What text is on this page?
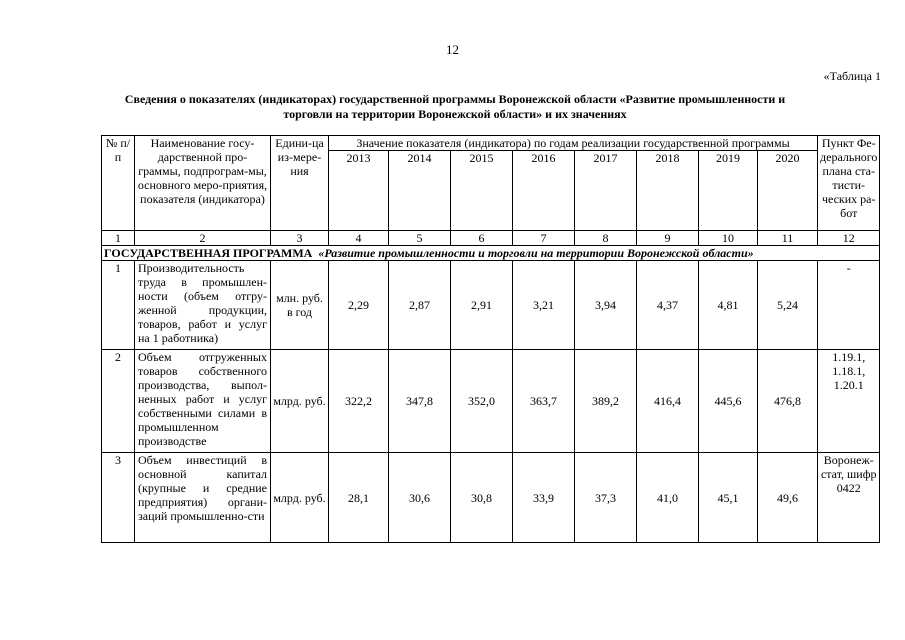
12
«Таблица 1
Сведения о показателях (индикаторах) государственной программы Воронежской области «Развитие промышленности и торговли на территории Воронежской области» и их значениях
№ п/п	Наименование госу-дарственной про-граммы, подпрограм-мы, основного меро-приятия, показателя (индикатора)	Едини-ца из-мере-ния	Значение показателя (индикатора) по годам реализации государственной программы								Пункт Фе-дерального плана ста-тисти-ческих ра-бот
			2013	2014	2015	2016	2017	2018	2019	2020	
1	2	3	4	5	6	7	8	9	10	11	12
ГОСУДАРСТВЕННАЯ ПРОГРАММА «Развитие промышленности и торговли на территории Воронежской области»											
1	Производительность труда в промышлен-ности (объем отгру-женной продукции, товаров, работ и услуг на 1 работника)	млн. руб. в год	2,29	2,87	2,91	3,21	3,94	4,37	4,81	5,24	-
2	Объем отгруженных товаров собственного производства, выпол-ненных работ и услуг собственными силами в промышленном производстве	млрд. руб.	322,2	347,8	352,0	363,7	389,2	416,4	445,6	476,8	1.19.1, 1.18.1, 1.20.1
3	Объем инвестиций в основной капитал (крупные и средние предприятия) органи-заций промышленно-сти	млрд. руб.	28,1	30,6	30,8	33,9	37,3	41,0	45,1	49,6	Воронеж-стат, шифр 0422
